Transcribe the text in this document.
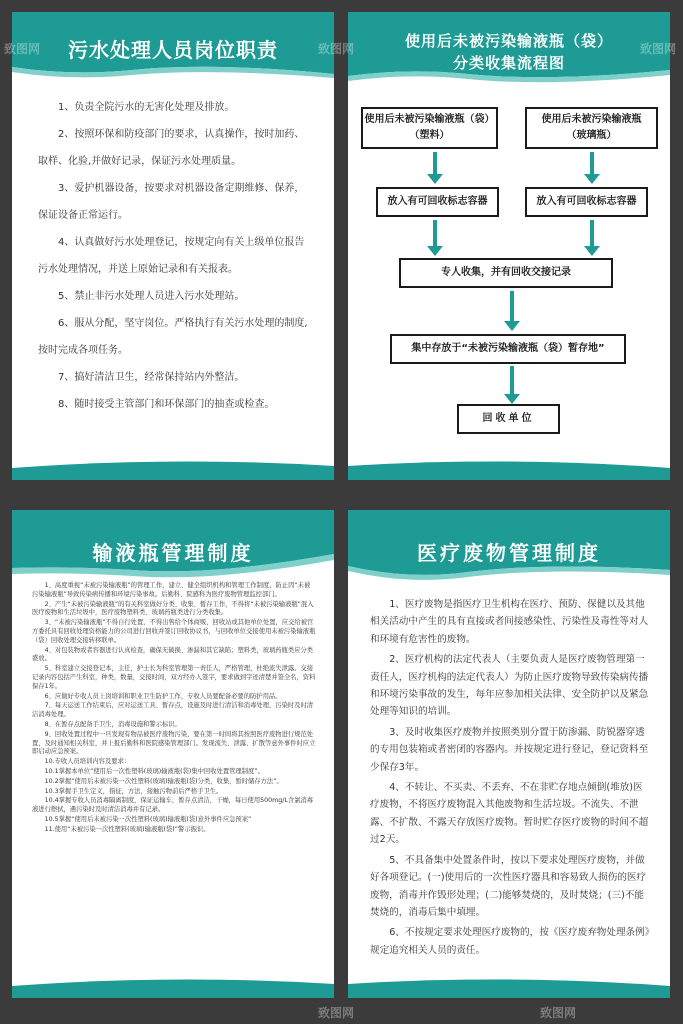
污水处理人员岗位职责

1、负责全院污水的无害化处理及排放。

2、按照环保和防疫部门的要求，认真操作，按时加药、取样、化验,并做好记录，保证污水处理质量。

3、爱护机器设备，按要求对机器设备定期维修、保养，保证设备正常运行。

4、认真做好污水处理登记，按规定向有关上级单位报告污水处理情况，并送上原始记录和有关报表。

5、禁止非污水处理人员进入污水处理站。

6、服从分配，坚守岗位。严格执行有关污水处理的制度,按时完成各项任务。

7、搞好清洁卫生，经常保持站内外整洁。

8、随时接受主管部门和环保部门的抽查或检查。

使用后未被污染输液瓶（袋）
分类收集流程图
使用后未被污染输液瓶（袋）
（塑料）
使用后未被污染输液瓶
（玻璃瓶）
放入有可回收标志容器	放入有可回收标志容器
专人收集，并有回收交接记录
集中存放于“未被污染输液瓶（袋）暂存地”
回收单位
输液瓶管理制度

1、高度重视“未被污染输液瓶”的管理工作，建立、健全组织机构和管理工作制度，防止因“未被污染输液瓶”导致传染病传播和环境污染事故。后勤科、院感科为医疗废物管理监控部门。

2、产生“未被污染输液瓶”的有关科室做好分类、收集、暂存工作，不得将“未被污染输液瓶”混入医疗废物和生活垃圾中，医疗废物塑料类、玻璃药瓶类进行分类收集。

3、“未被污染输液瓶”不得自行处置，不得出售给个体商贩，回收站或其他单位处置，应交给被官方委托具有回收处理资格能力的公司进行回收并签订回收协议书，与回收单位交接使用未被污染输液瓶（袋）回收处理交接转移联单。

4、对包装物或者容器进行认真检查，确保无破损、渗漏和其它缺陷；塑料类，玻璃药瓶类应分类盛放。

5、科室建立交接登记本，主任，护士长为科室管理第一责任人，严格管理，杜绝流失泄露。交接记录内容包括产生科室，种类，数量，交接时间，双方经办人签字，要求做到字迹清楚并签全名，资料保存1年。

6、应做好专收人员上岗培训和职业卫生防护工作，专收人员要配备必要的防护用品。

7、每天运送工作结束后，应对运送工具、暂存点，设施及时进行清洁和消毒处理，污染时及时清洁消毒处理。

8、在暂存点配备手卫生，消毒设施和警示标识。

9、回收处置过程中一旦发现有物品被医疗废物污染，要在第一时间将其按照医疗废物进行规范处置，及时通知相关科室，并上报后勤科和医院感染管理部门。发现流失、泄露、扩散等意外事件时应立即启动应急预案。

10.专收人员培训内容及要求：

10.1掌握本单位“使用后一次性塑料(玻璃)输液瓶(袋)集中回收处置管理制度”。

10.2掌握“使用后未被污染一次性塑料(玻璃)输液瓶(袋)分类，收集，暂时储存方法”。

10.3掌握手卫生定义，指征，方法，接触污物前后严格手卫生。

10.4掌握专收人员消毒隔离制度，保证运输车，暂存点清洁，干燥，每日使用500mg/L含氯消毒液进行擦拭，遇污染时及时清洁消毒并有记录。

10.5掌握“使用后未被污染一次性塑料(玻璃)输液瓶(袋)意外事件应急预案”

11.使用“未被污染一次性塑料(玻璃)输液瓶(袋)”警示振识。

医疗废物管理制度

1、医疗废物是指医疗卫生机构在医疗、预防、保健以及其他相关活动中产生的具有直接或者间接感染性、污染性及毒性等对人和环境有危害性的废物。

2、医疗机构的法定代表人（主要负责人是医疗废物管理第一责任人，医疗机构的法定代表人）为防止医疗废物导致传染病传播和环境污染事故的发生，每年应参加相关法律、安全防护以及紧急处理等知识的培训。

3、及时收集医疗废物并按照类别分置于防渗漏、防锐器穿透的专用包装箱或者密闭的容器内。并按规定进行登记，登记资料至少保存3年。

4、不转让、不买卖、不丢弃、不在非贮存地点倾倒(堆放)医疗废物，不将医疗废物混入其他废物和生活垃圾。不流失、不泄露、不扩散、不露天存放医疗废物。暂时贮存医疗废物的时间不超过2天。

5、不具备集中处置条件时，按以下要求处理医疗废物，并做好各项登记。(一)使用后的一次性医疗器具和容易致人损伤的医疗废物，消毒并作毁形处理；(二)能够焚烧的，及时焚烧；(三)不能焚烧的，消毒后集中填埋。

6、不按规定要求处理医疗废物的，按《医疗废弃物处理条例》规定追究相关人员的责任。

致图网	致图网	致图网
致图网	致图网
